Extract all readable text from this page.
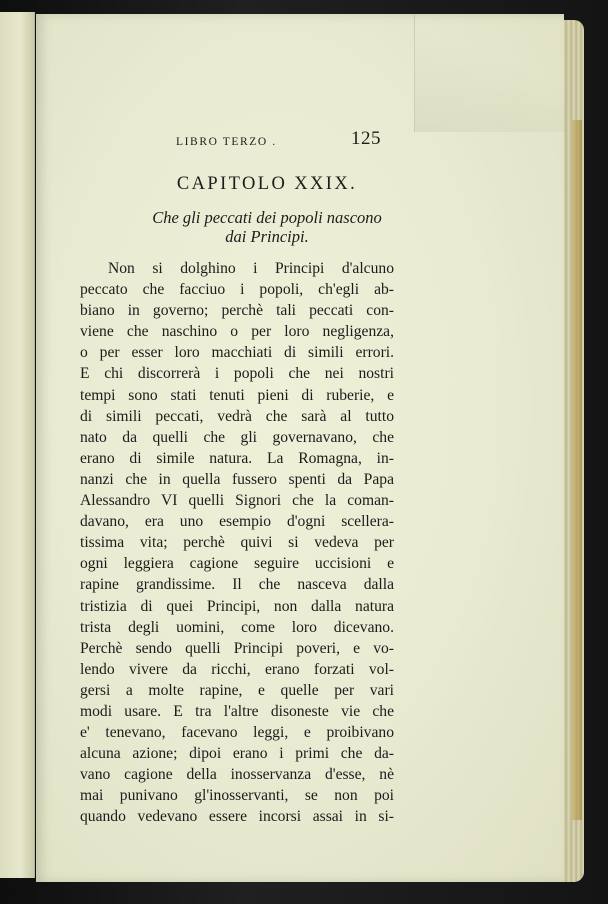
LIBRO TERZO .	125
CAPITOLO XXIX.
Che gli peccati dei popoli nascono
dai Principi.
Non si dolghino i Principi d'alcuno
peccato che facciuo i popoli, ch'egli ab-
biano in governo; perchè tali peccati con-
viene che naschino o per loro negligenza,
o per esser loro macchiati di simili errori.
E chi discorrerà i popoli che nei nostri
tempi sono stati tenuti pieni di ruberie, e
di simili peccati, vedrà che sarà al tutto
nato da quelli che gli governavano, che
erano di simile natura. La Romagna, in-
nanzi che in quella fussero spenti da Papa
Alessandro VI quelli Signori che la coman-
davano, era uno esempio d'ogni scellera-
tissima vita; perchè quivi si vedeva per
ogni leggiera cagione seguire uccisioni e
rapine grandissime. Il che nasceva dalla
tristizia di quei Principi, non dalla natura
trista degli uomini, come loro dicevano.
Perchè sendo quelli Principi poveri, e vo-
lendo vivere da ricchi, erano forzati vol-
gersi a molte rapine, e quelle per vari
modi usare. E tra l'altre disoneste vie che
e' tenevano, facevano leggi, e proibivano
alcuna azione; dipoi erano i primi che da-
vano cagione della inosservanza d'esse, nè
mai punivano gl'inosservanti, se non poi
quando vedevano essere incorsi assai in si-
